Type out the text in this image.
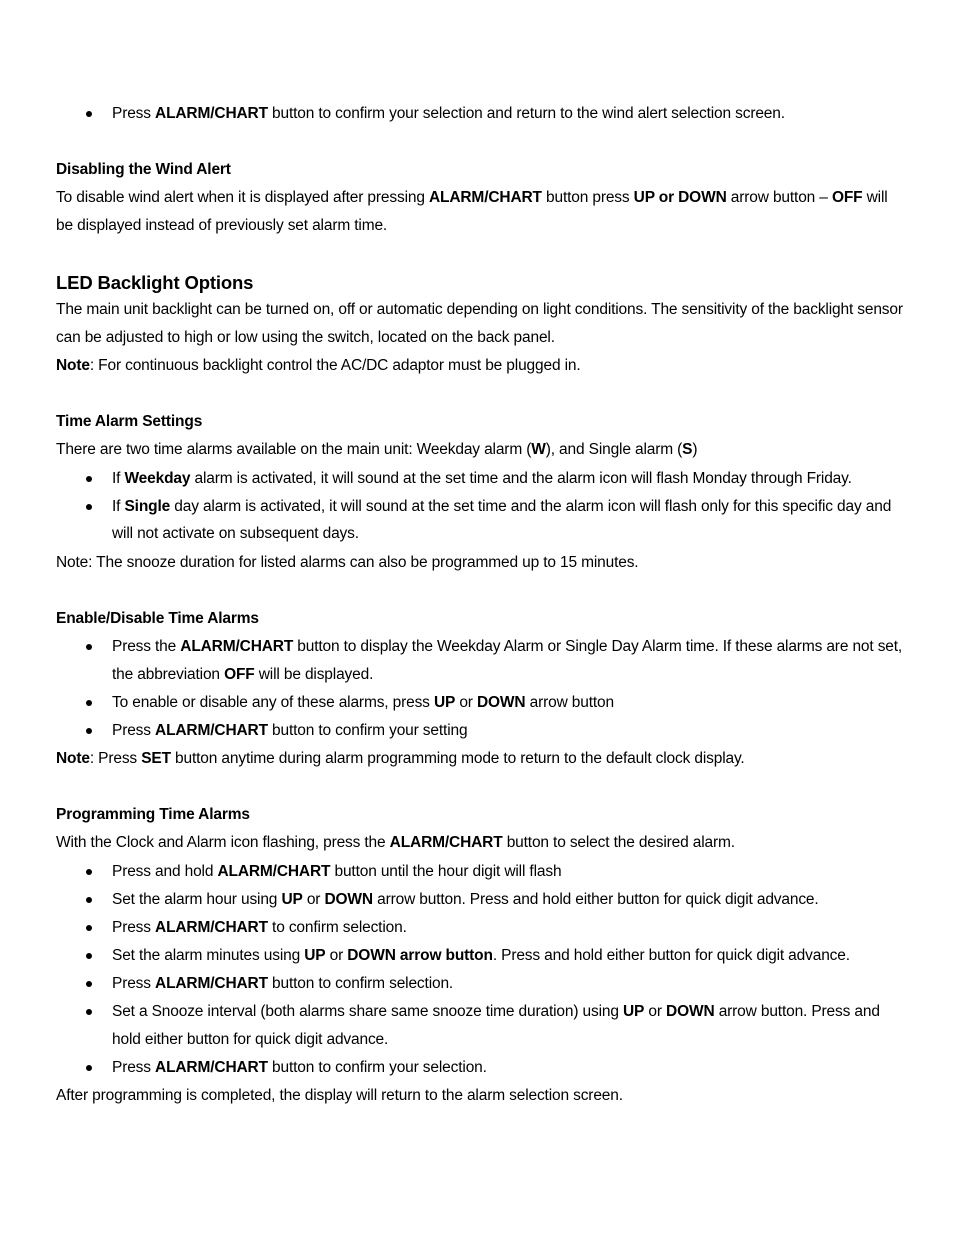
Press ALARM/CHART button to confirm your selection and return to the wind alert selection screen.
Disabling the Wind Alert
To disable wind alert when it is displayed after pressing ALARM/CHART button press UP or DOWN arrow button – OFF will
be displayed instead of previously set alarm time.
LED Backlight Options
The main unit backlight can be turned on, off or automatic depending on light conditions. The sensitivity of the backlight sensor
can be adjusted to high or low using the switch, located on the back panel.
Note: For continuous backlight control the AC/DC adaptor must be plugged in.
Time Alarm Settings
There are two time alarms available on the main unit: Weekday alarm (W), and Single alarm (S)
If Weekday alarm is activated, it will sound at the set time and the alarm icon will flash Monday through Friday.
If Single day alarm is activated, it will sound at the set time and the alarm icon will flash only for this specific day and
will not activate on subsequent days.
Note: The snooze duration for listed alarms can also be programmed up to 15 minutes.
Enable/Disable Time Alarms
Press the ALARM/CHART button to display the Weekday Alarm or Single Day Alarm time. If these alarms are not set,
the abbreviation OFF will be displayed.
To enable or disable any of these alarms, press UP or DOWN arrow button
Press ALARM/CHART button to confirm your setting
Note: Press SET button anytime during alarm programming mode to return to the default clock display.
Programming Time Alarms
With the Clock and Alarm icon flashing, press the ALARM/CHART button to select the desired alarm.
Press and hold ALARM/CHART button until the hour digit will flash
Set the alarm hour using UP or DOWN arrow button. Press and hold either button for quick digit advance.
Press ALARM/CHART to confirm selection.
Set the alarm minutes using UP or DOWN arrow button. Press and hold either button for quick digit advance.
Press ALARM/CHART button to confirm selection.
Set a Snooze interval (both alarms share same snooze time duration) using UP or DOWN arrow button. Press and
hold either button for quick digit advance.
Press ALARM/CHART button to confirm your selection.
After programming is completed, the display will return to the alarm selection screen.
